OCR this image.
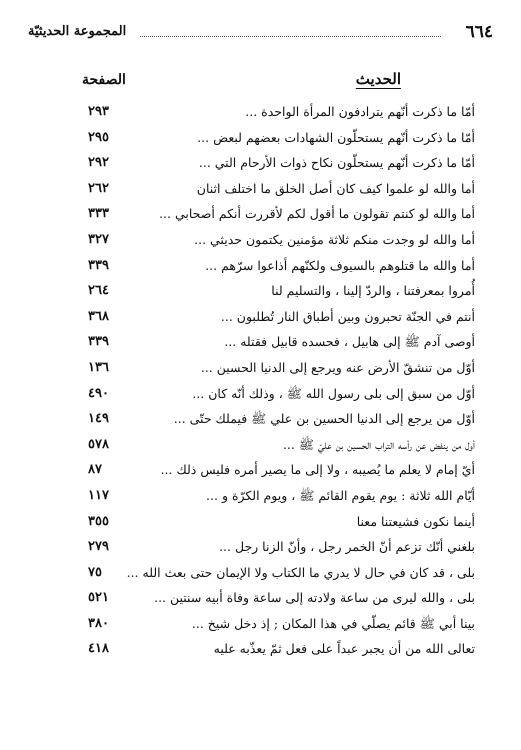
٦٦٤
المجموعة الحديثيّة
الحديث
الصفحة
أمّا ما ذكرت أنّهم يترادفون المرأة الواحدة ...
٢٩٣
أمّا ما ذكرت أنّهم يستحلّون الشهادات بعضهم لبعض ...
٢٩٥
أمّا ما ذكرت أنّهم يستحلّون نكاح ذوات الأرحام التي ...
٢٩٢
أما والله لو علموا كيف كان أصل الخلق ما اختلف اثنان
٢٦٢
أما والله لو كنتم تقولون ما أقول لكم لأقررت أنكم أصحابي ...
٣٣٣
أما والله لو وجدت منكم ثلاثة مؤمنين يكتمون حديثي ...
٣٢٧
أما والله ما قتلوهم بالسيوف ولكنّهم أذاعوا سرّهم ...
٣٣٩
أُمروا بمعرفتنا ، والردّ إلينا ، والتسليم لنا
٢٦٤
أنتم في الجنّة تحبرون وبين أطباق النار تُطلبون ...
٣٦٨
أوصى آدم ﷺ إلى هابيل ، فحسده قابيل فقتله ...
٣٣٩
أوّل من تنشقّ الأرض عنه ويرجع إلى الدنيا الحسين ...
١٣٦
أوّل من سبق إلى بلى رسول الله ﷺ ، وذلك أنّه كان ...
٤٩٠
أوّل من يرجع إلى الدنيا الحسين بن علي ﷺ فيملك حتّى ...
١٤٩
أول من ينفض عن رأسه التراب الحسين بن عليّ ﷺ ...
٥٧٨
أيّ إمام لا يعلم ما يُصيبه ، ولا إلى ما يصير أمره فليس ذلك ...
٨٧
أيّام الله ثلاثة : يوم يقوم القائم ﷺ ، ويوم الكرّة و ...
١١٧
أينما نكون فشيعتنا معنا
٣٥٥
بلغني أنّك تزعم أنّ الخمر رجل ، وأنّ الزنا رجل ...
٢٧٩
بلى ، قد كان في حال لا يدري ما الكتاب ولا الإيمان حتى بعث الله ...
٧٥
بلى ، والله ليرى من ساعة ولادته إلى ساعة وفاة أبيه سنتين ...
٥٢١
بينا أبي ﷺ قائم يصلّي في هذا المكان ; إذ دخل شيخ ...
٣٨٠
تعالى الله من أن يجبر عبداً على فعل ثمّ يعذّبه عليه
٤١٨
